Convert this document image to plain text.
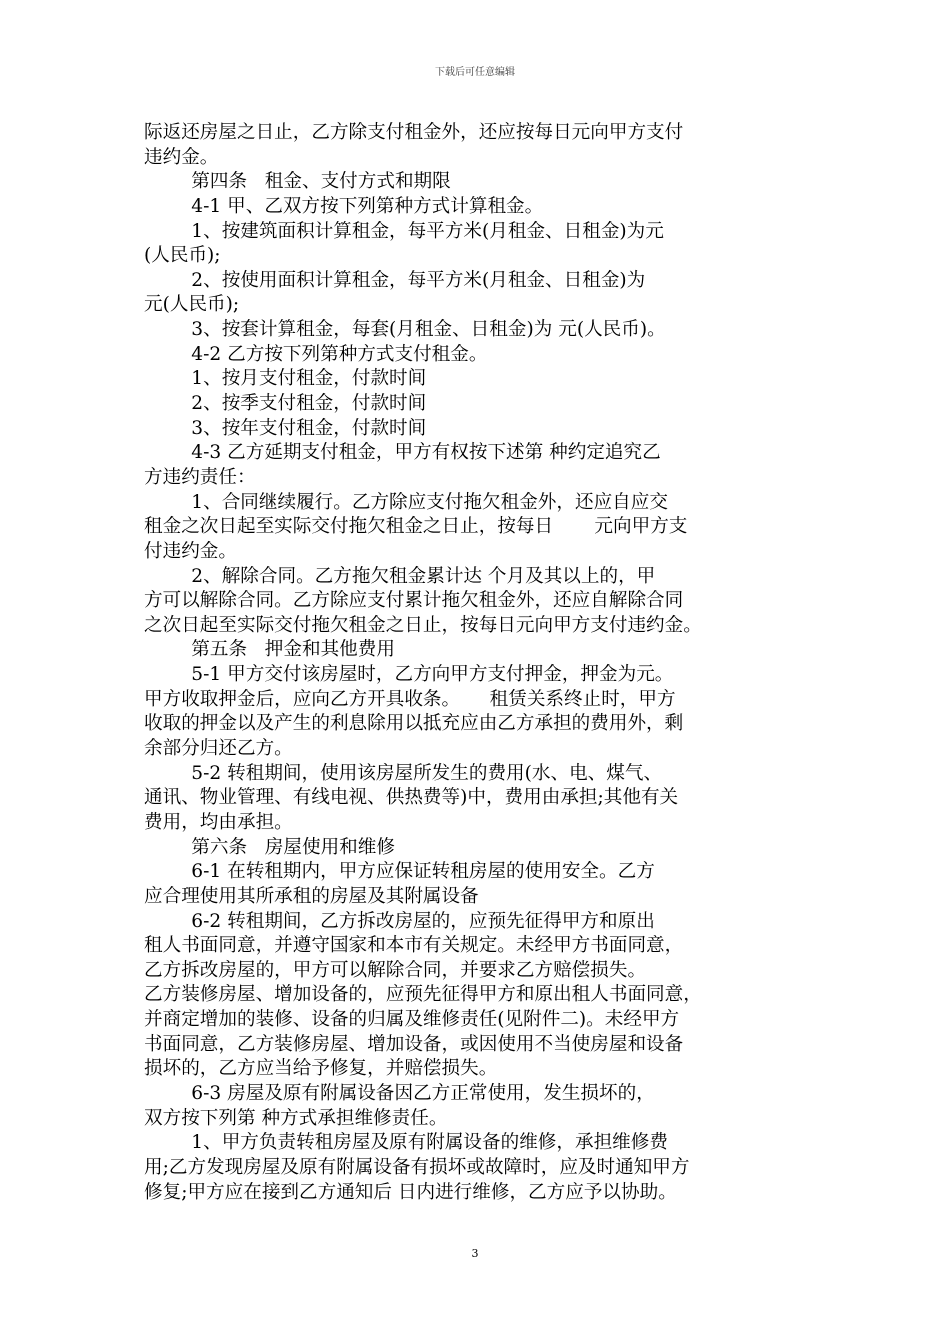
下载后可任意编辑
际返还房屋之日止，乙方除支付租金外，还应按每日元向甲方支付
违约金。
第四条   租金、支付方式和期限
4-1 甲、乙双方按下列第种方式计算租金。
1、按建筑面积计算租金，每平方米(月租金、日租金)为元
(人民币);
2、按使用面积计算租金，每平方米(月租金、日租金)为
元(人民币);
3、按套计算租金，每套(月租金、日租金)为 元(人民币)。
4-2 乙方按下列第种方式支付租金。
1、按月支付租金，付款时间
2、按季支付租金，付款时间
3、按年支付租金，付款时间
4-3 乙方延期支付租金，甲方有权按下述第 种约定追究乙
方违约责任：
1、合同继续履行。乙方除应支付拖欠租金外，还应自应交
租金之次日起至实际交付拖欠租金之日止，按每日       元向甲方支
付违约金。
2、解除合同。乙方拖欠租金累计达 个月及其以上的，甲
方可以解除合同。乙方除应支付累计拖欠租金外，还应自解除合同
之次日起至实际交付拖欠租金之日止，按每日元向甲方支付违约金。
第五条   押金和其他费用
5-1 甲方交付该房屋时，乙方向甲方支付押金，押金为元。
甲方收取押金后，应向乙方开具收条。     租赁关系终止时，甲方
收取的押金以及产生的利息除用以抵充应由乙方承担的费用外，剩
余部分归还乙方。
5-2 转租期间，使用该房屋所发生的费用(水、电、煤气、
通讯、物业管理、有线电视、供热费等)中，费用由承担;其他有关
费用，均由承担。
第六条   房屋使用和维修
6-1 在转租期内，甲方应保证转租房屋的使用安全。乙方
应合理使用其所承租的房屋及其附属设备
6-2 转租期间，乙方拆改房屋的，应预先征得甲方和原出
租人书面同意，并遵守国家和本市有关规定。未经甲方书面同意，
乙方拆改房屋的，甲方可以解除合同，并要求乙方赔偿损失。
乙方装修房屋、增加设备的，应预先征得甲方和原出租人书面同意，
并商定增加的装修、设备的归属及维修责任(见附件二)。未经甲方
书面同意，乙方装修房屋、增加设备，或因使用不当使房屋和设备
损坏的，乙方应当给予修复，并赔偿损失。
6-3 房屋及原有附属设备因乙方正常使用，发生损坏的，
双方按下列第 种方式承担维修责任。
1、甲方负责转租房屋及原有附属设备的维修，承担维修费
用;乙方发现房屋及原有附属设备有损坏或故障时，应及时通知甲方
修复;甲方应在接到乙方通知后 日内进行维修，乙方应予以协助。
3
